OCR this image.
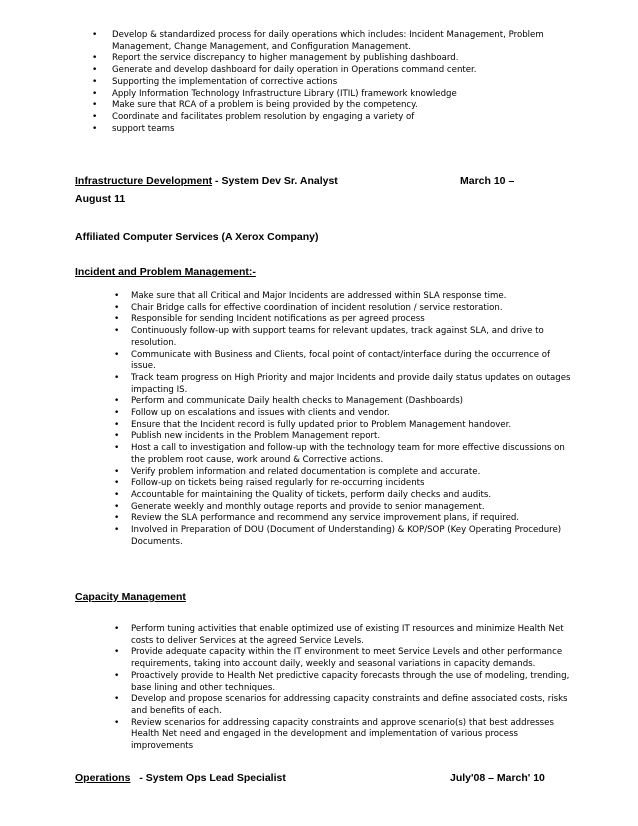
• Develop & standardized process for daily operations which includes: Incident Management, Problem Management, Change Management, and Configuration Management.
• Report the service discrepancy to higher management by publishing dashboard.
• Generate and develop dashboard for daily operation in Operations command center.
• Supporting the implementation of corrective actions
• Apply Information Technology Infrastructure Library (ITIL) framework knowledge
• Make sure that RCA of a problem is being provided by the competency.
• Coordinate and facilitates problem resolution by engaging a variety of
• support teams
Infrastructure Development - System Dev Sr. Analyst	March 10 –
August 11
Affiliated Computer Services (A Xerox Company)
Incident and Problem Management:-
• Make sure that all Critical and Major Incidents are addressed within SLA response time.
• Chair Bridge calls for effective coordination of incident resolution / service restoration.
• Responsible for sending Incident notifications as per agreed process
• Continuously follow-up with support teams for relevant updates, track against SLA, and drive to resolution.
• Communicate with Business and Clients, focal point of contact/interface during the occurrence of issue.
• Track team progress on High Priority and major Incidents and provide daily status updates on outages impacting IS.
• Perform and communicate Daily health checks to Management (Dashboards)
• Follow up on escalations and issues with clients and vendor.
• Ensure that the Incident record is fully updated prior to Problem Management handover.
• Publish new incidents in the Problem Management report.
• Host a call to investigation and follow-up with the technology team for more effective discussions on the problem root cause, work around & Corrective actions.
• Verify problem information and related documentation is complete and accurate.
• Follow-up on tickets being raised regularly for re-occurring incidents
• Accountable for maintaining the Quality of tickets, perform daily checks and audits.
• Generate weekly and monthly outage reports and provide to senior management.
• Review the SLA performance and recommend any service improvement plans, if required.
• Involved in Preparation of DOU (Document of Understanding) & KOP/SOP (Key Operating Procedure) Documents.
Capacity Management
• Perform tuning activities that enable optimized use of existing IT resources and minimize Health Net costs to deliver Services at the agreed Service Levels.
• Provide adequate capacity within the IT environment to meet Service Levels and other performance requirements, taking into account daily, weekly and seasonal variations in capacity demands.
• Proactively provide to Health Net predictive capacity forecasts through the use of modeling, trending, base lining and other techniques.
• Develop and propose scenarios for addressing capacity constraints and define associated costs, risks and benefits of each.
• Review scenarios for addressing capacity constraints and approve scenario(s) that best addresses Health Net need and engaged in the development and implementation of various process improvements
Operations - System Ops Lead Specialist	July'08 – March' 10
